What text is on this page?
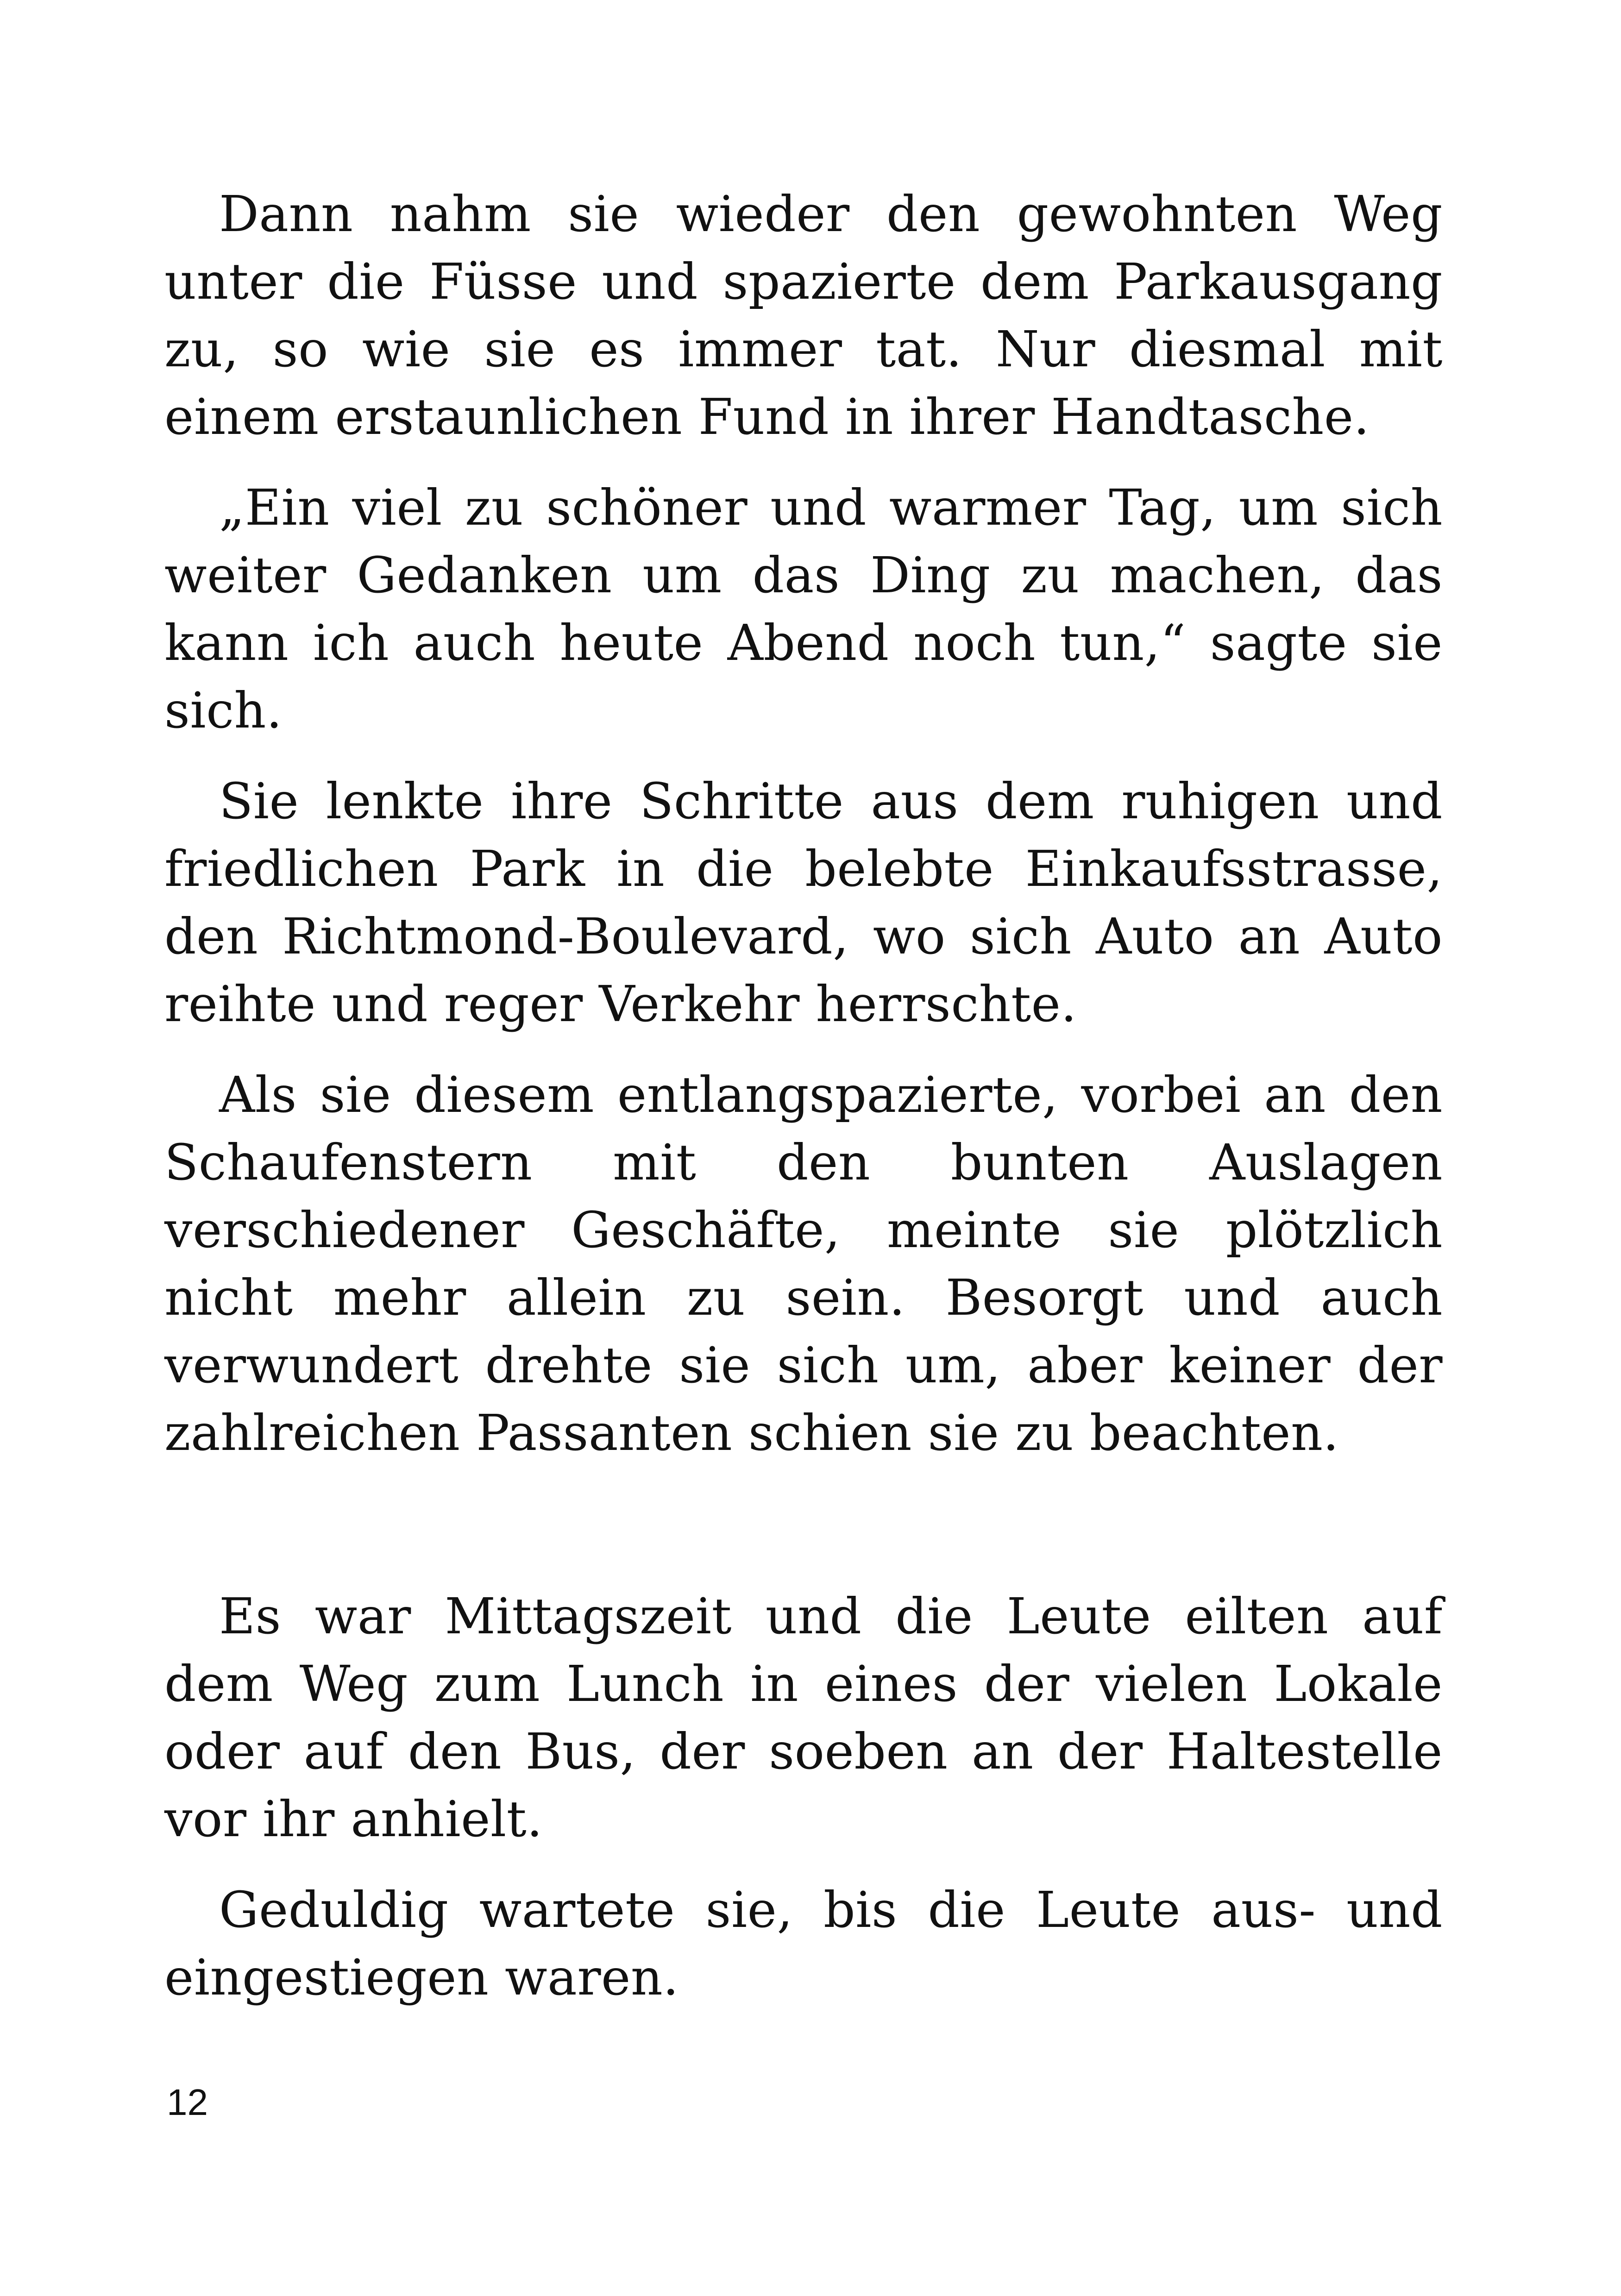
Dann nahm sie wieder den gewohnten Weg unter die Füsse und spazierte dem Parkausgang zu, so wie sie es immer tat. Nur diesmal mit einem erstaunlichen Fund in ihrer Handtasche.

„Ein viel zu schöner und warmer Tag, um sich weiter Gedanken um das Ding zu machen, das kann ich auch heute Abend noch tun,“ sagte sie sich.

Sie lenkte ihre Schritte aus dem ruhigen und friedlichen Park in die belebte Einkaufsstrasse, den Richtmond-Boulevard, wo sich Auto an Auto reihte und reger Verkehr herrschte.

Als sie diesem entlangspazierte, vorbei an den Schaufenstern mit den bunten Auslagen verschiedener Geschäfte, meinte sie plötzlich nicht mehr allein zu sein. Besorgt und auch verwundert drehte sie sich um, aber keiner der zahlreichen Passanten schien sie zu beachten.

Es war Mittagszeit und die Leute eilten auf dem Weg zum Lunch in eines der vielen Lokale oder auf den Bus, der soeben an der Haltestelle vor ihr anhielt.

Geduldig wartete sie, bis die Leute aus- und eingestiegen waren.

12
